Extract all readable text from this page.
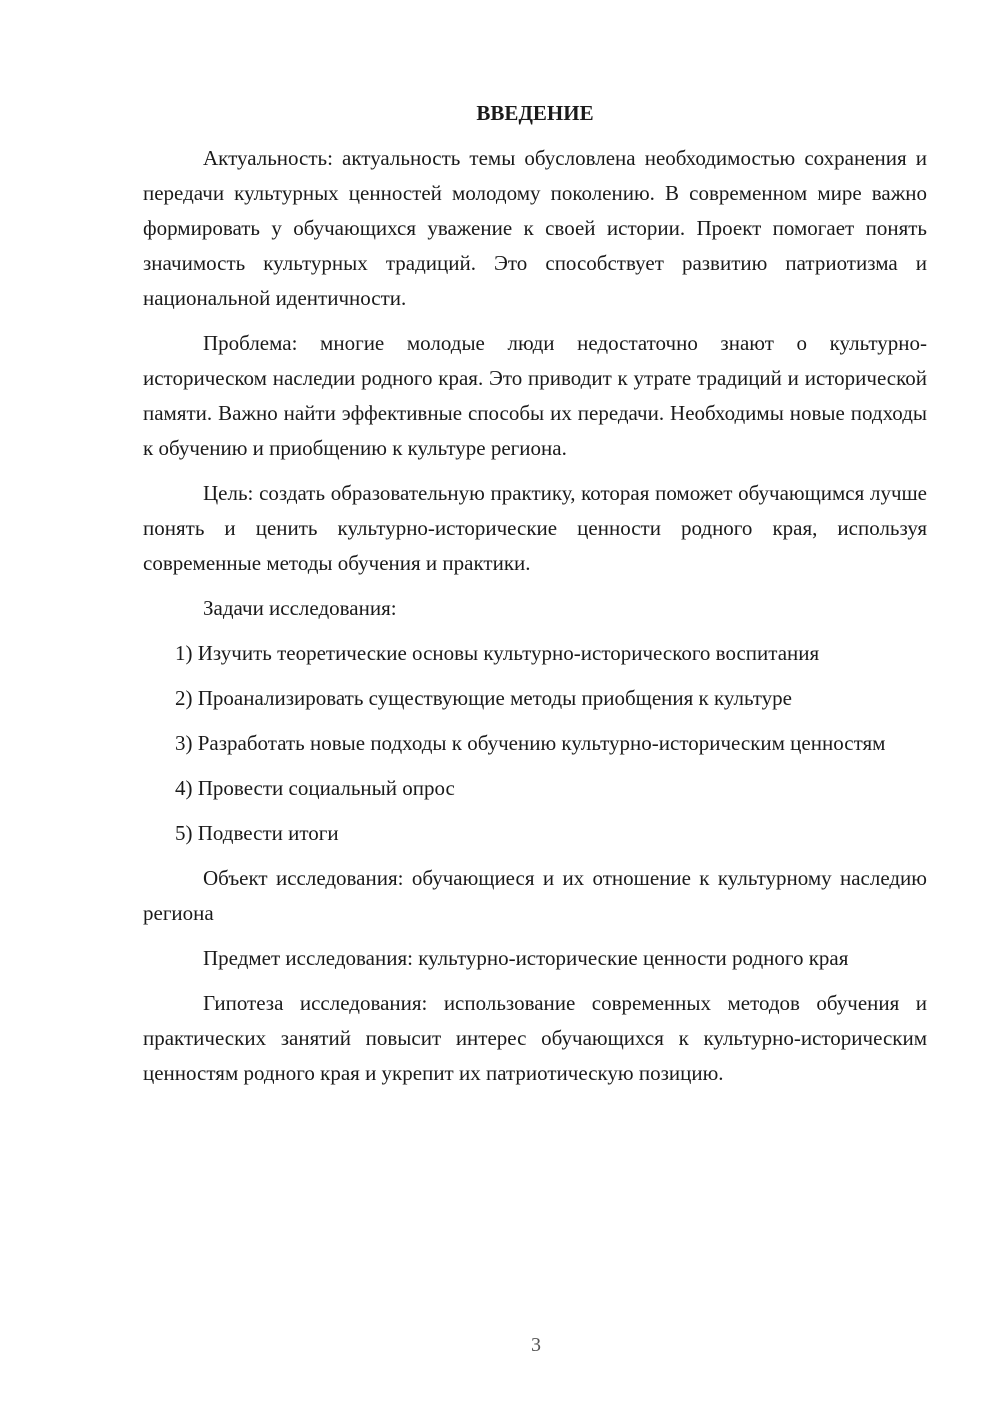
ВВЕДЕНИЕ

Актуальность: актуальность темы обусловлена необходимостью сохранения и передачи культурных ценностей молодому поколению. В современном мире важно формировать у обучающихся уважение к своей истории. Проект помогает понять значимость культурных традиций. Это способствует развитию патриотизма и национальной идентичности.

Проблема: многие молодые люди недостаточно знают о культурно-историческом наследии родного края. Это приводит к утрате традиций и исторической памяти. Важно найти эффективные способы их передачи. Необходимы новые подходы к обучению и приобщению к культуре региона.

Цель: создать образовательную практику, которая поможет обучающимся лучше понять и ценить культурно-исторические ценности родного края, используя современные методы обучения и практики.

Задачи исследования:

1) Изучить теоретические основы культурно-исторического воспитания

2) Проанализировать существующие методы приобщения к культуре

3) Разработать новые подходы к обучению культурно-историческим ценностям

4) Провести социальный опрос

5) Подвести итоги

Объект исследования: обучающиеся и их отношение к культурному наследию региона

Предмет исследования: культурно-исторические ценности родного края

Гипотеза исследования: использование современных методов обучения и практических занятий повысит интерес обучающихся к культурно-историческим ценностям родного края и укрепит их патриотическую позицию.

3
